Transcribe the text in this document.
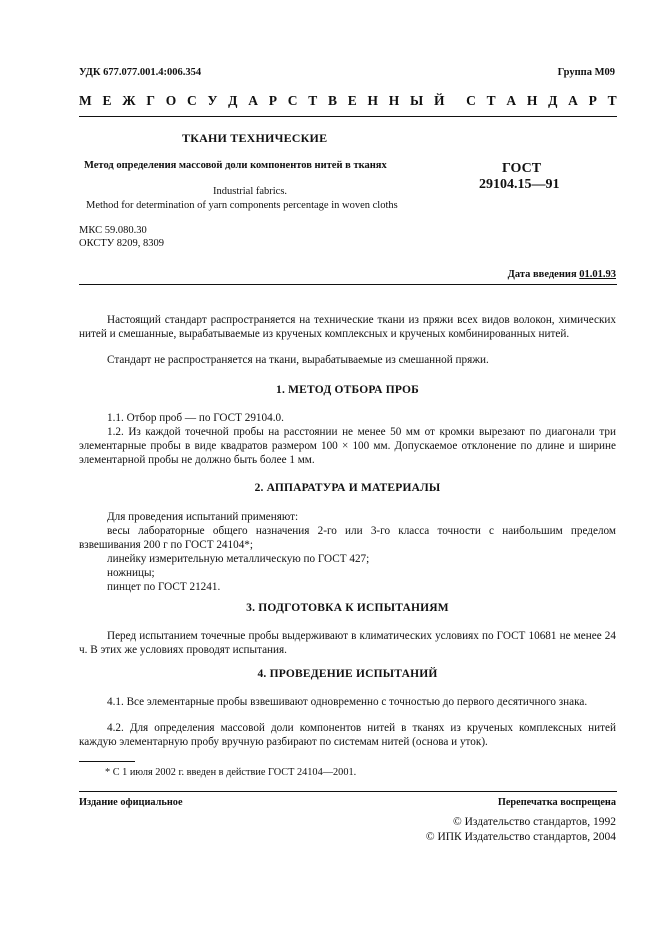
УДК 677.077.001.4:006.354	Группа М09
М Е Ж Г О С У Д А Р С Т В Е Н Н Ы Й С Т А Н Д А Р Т
ТКАНИ ТЕХНИЧЕСКИЕ
Метод определения массовой доли компонентов нитей в тканях
Industrial fabrics.
Method for determination of yarn components percentage in woven cloths
ГОСТ
29104.15—91
МКС 59.080.30
ОКСТУ 8209, 8309
Дата введения 01.01.93
Настоящий стандарт распространяется на технические ткани из пряжи всех видов волокон, химических нитей и смешанные, вырабатываемые из крученых комплексных и крученых комбинированных нитей.
Стандарт не распространяется на ткани, вырабатываемые из смешанной пряжи.
1. МЕТОД ОТБОРА ПРОБ
1.1. Отбор проб — по ГОСТ 29104.0.
1.2. Из каждой точечной пробы на расстоянии не менее 50 мм от кромки вырезают по диагонали три элементарные пробы в виде квадратов размером 100 × 100 мм. Допускаемое отклонение по длине и ширине элементарной пробы не должно быть более 1 мм.
2. АППАРАТУРА И МАТЕРИАЛЫ
Для проведения испытаний применяют:
весы лабораторные общего назначения 2-го или 3-го класса точности с наибольшим пределом взвешивания 200 г по ГОСТ 24104*;
линейку измерительную металлическую по ГОСТ 427;
ножницы;
пинцет по ГОСТ 21241.
3. ПОДГОТОВКА К ИСПЫТАНИЯМ
Перед испытанием точечные пробы выдерживают в климатических условиях по ГОСТ 10681 не менее 24 ч. В этих же условиях проводят испытания.
4. ПРОВЕДЕНИЕ ИСПЫТАНИЙ
4.1. Все элементарные пробы взвешивают одновременно с точностью до первого десятичного знака.
4.2. Для определения массовой доли компонентов нитей в тканях из крученых комплексных нитей каждую элементарную пробу вручную разбирают по системам нитей (основа и уток).
* С 1 июля 2002 г. введен в действие ГОСТ 24104—2001.
Издание официальное	Перепечатка воспрещена
© Издательство стандартов, 1992
© ИПК Издательство стандартов, 2004
